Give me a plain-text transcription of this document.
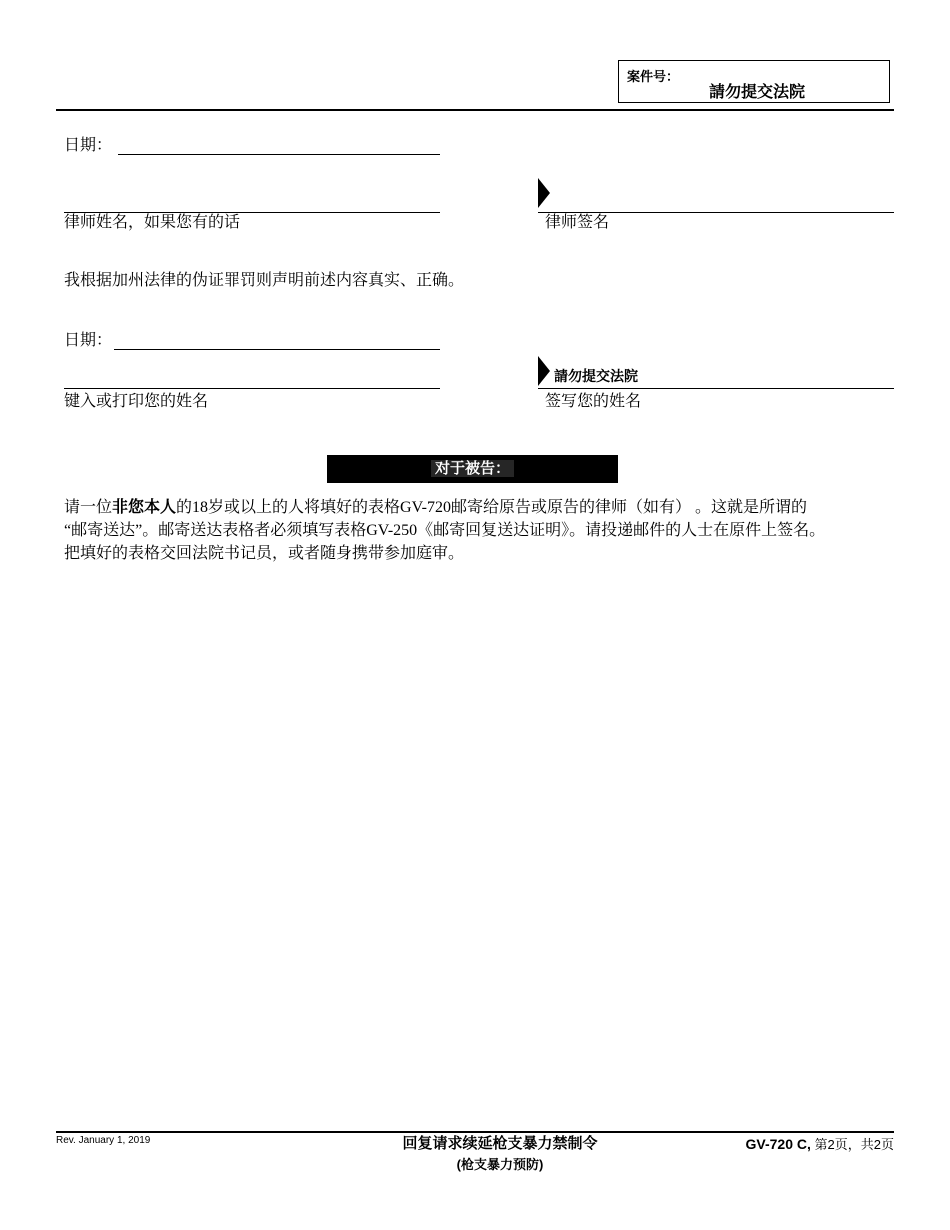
案件号：
請勿提交法院
日期：
律师姓名，如果您有的话	律师签名
我根据加州法律的伪证罪罚则声明前述内容真实、正确。
日期：
键入或打印您的姓名
請勿提交法院
签写您的姓名
对于被告：

请一位非您本人的18岁或以上的人将填好的表格GV-720邮寄给原告或原告的律师（如有） 。这就是所谓的

“邮寄送达”。邮寄送达表格者必须填写表格GV-250《邮寄回复送达证明》。请投递邮件的人士在原件上签名。

把填好的表格交回法院书记员，或者随身携带参加庭审。

Rev. January 1, 2019	回复请求续延枪支暴力禁制令
(枪支暴力预防)
GV-720 C, 第2页，共2页
